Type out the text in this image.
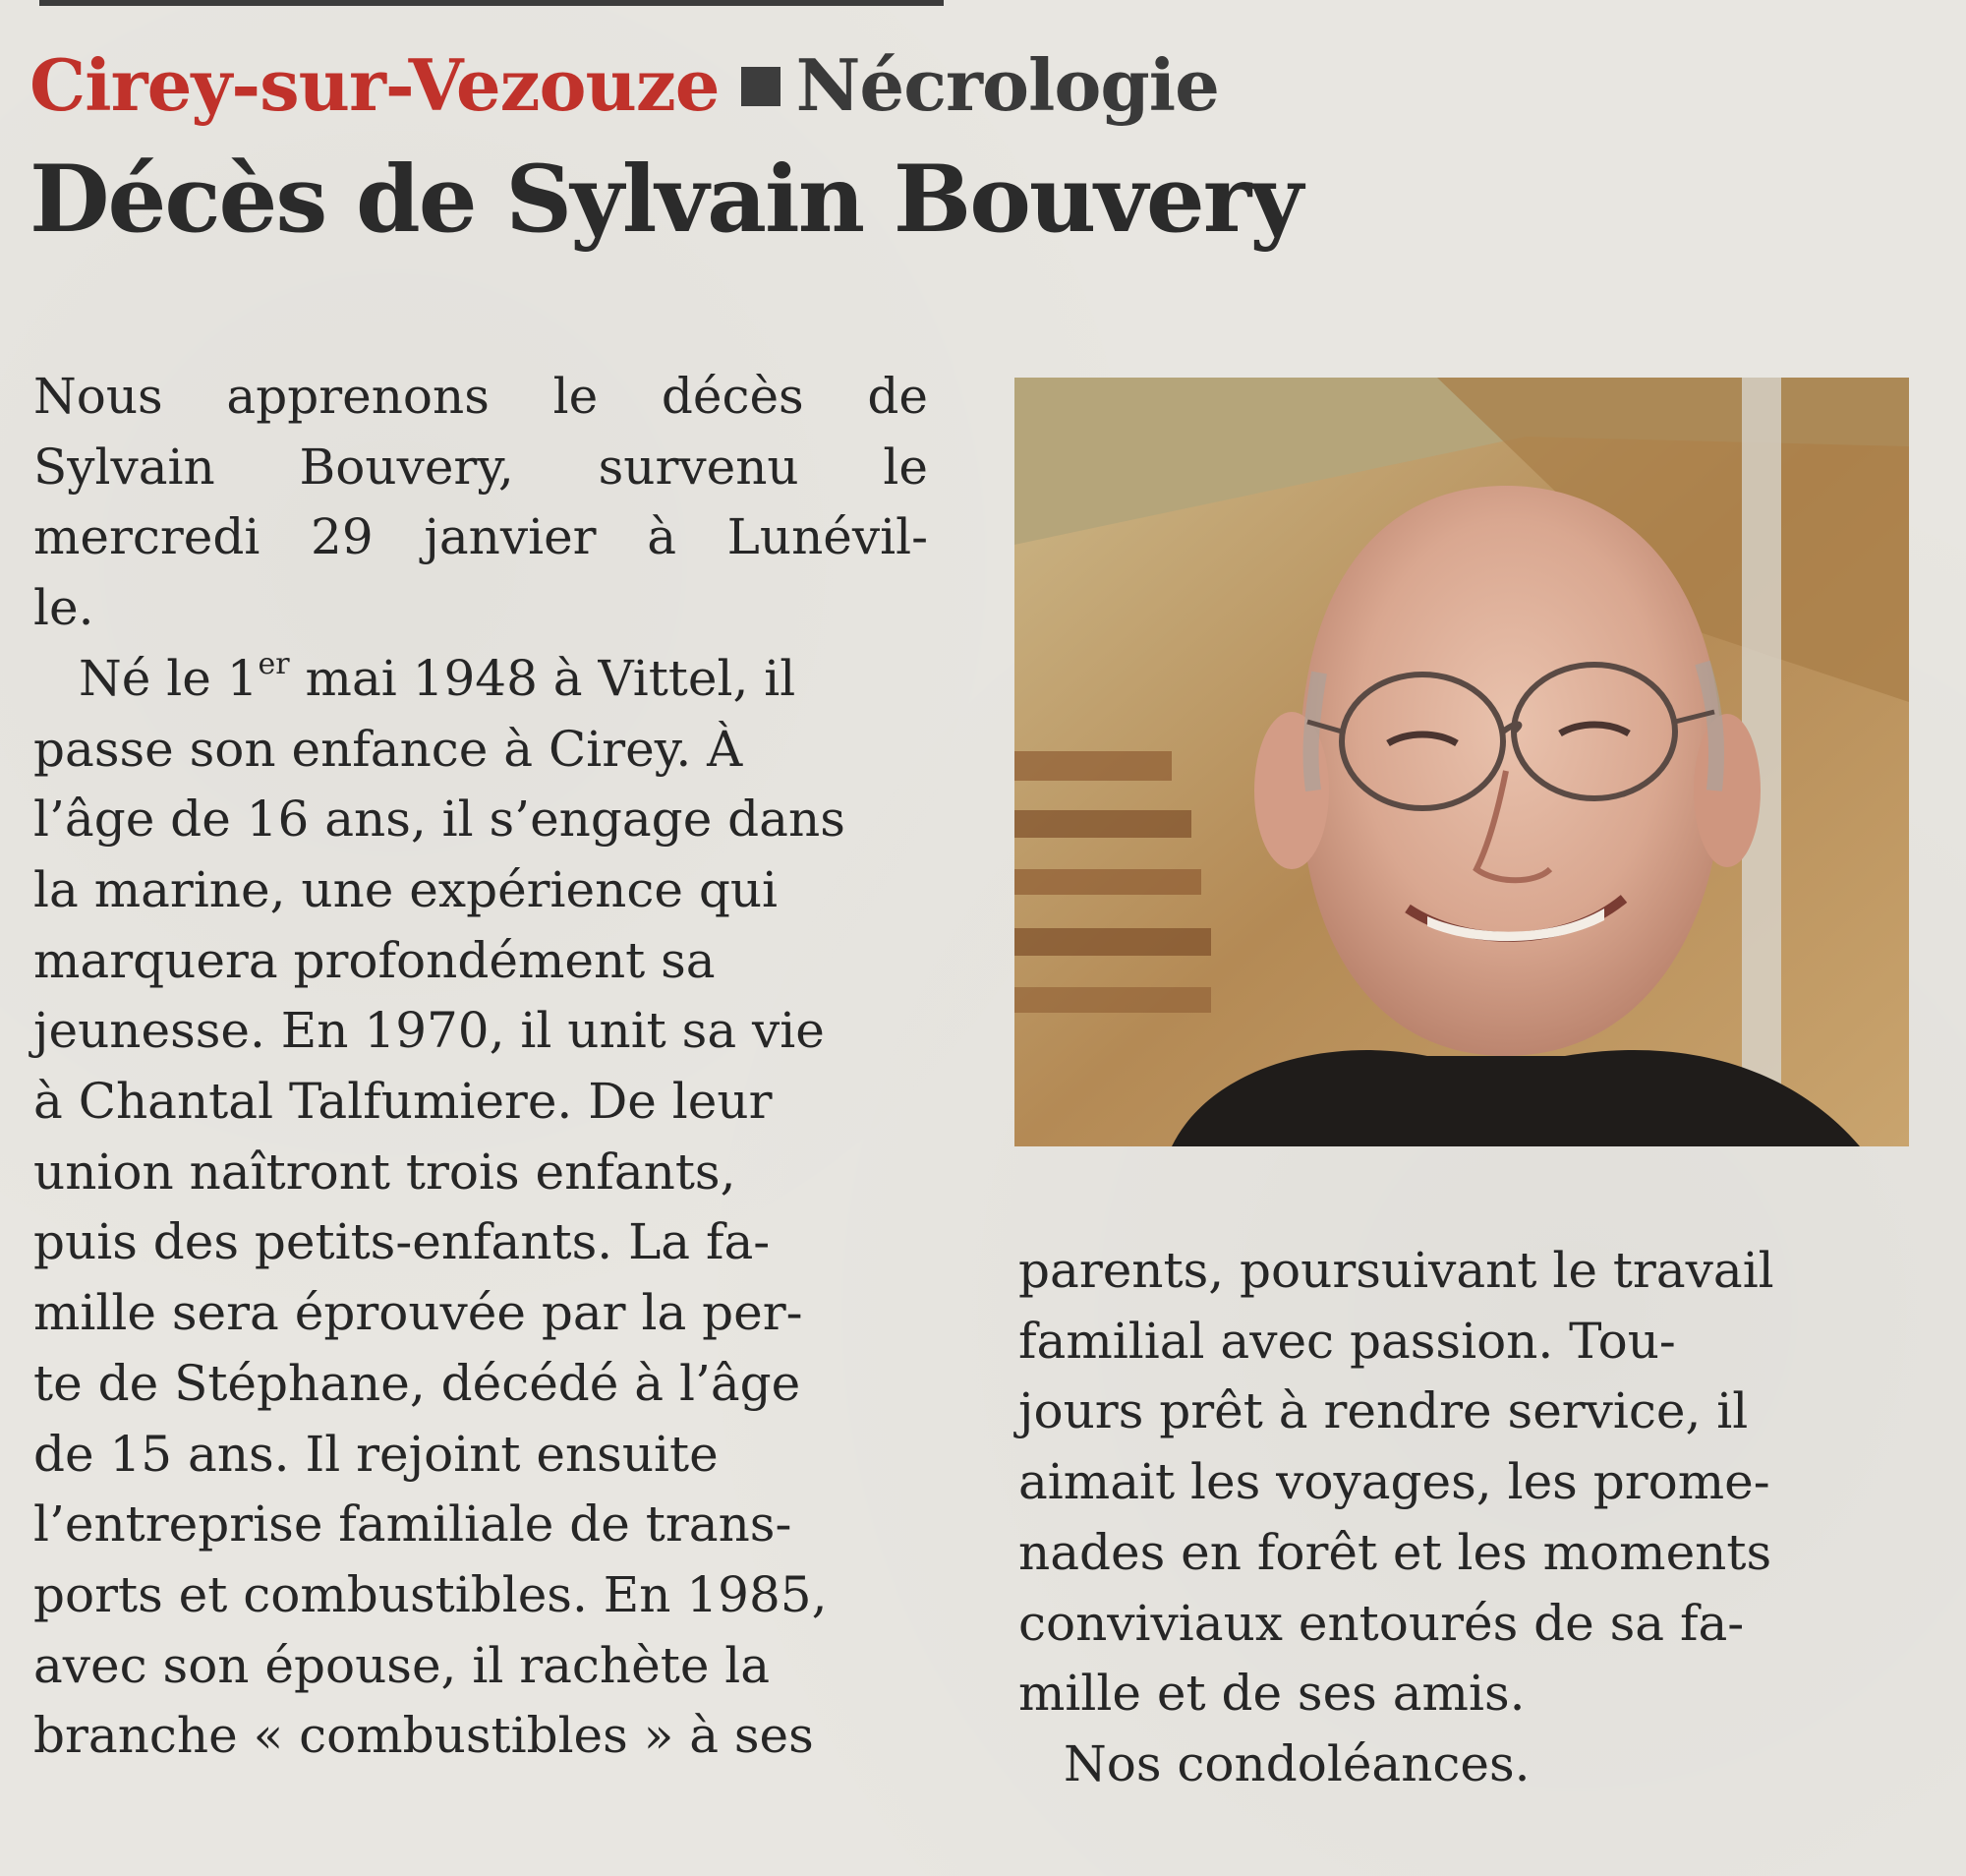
Cirey-sur-Vezouze Nécrologie
Décès de Sylvain Bouvery

Nous apprenons le décès de
Sylvain Bouvery, survenu le
mercredi 29 janvier à Lunévil-
le.

Né le 1er mai 1948 à Vittel, il
passe son enfance à Cirey. À
l’âge de 16 ans, il s’engage dans
la marine, une expérience qui
marquera profondément sa
jeunesse. En 1970, il unit sa vie
à Chantal Talfumiere. De leur
union naîtront trois enfants,
puis des petits-enfants. La fa-
mille sera éprouvée par la per-
te de Stéphane, décédé à l’âge
de 15 ans. Il rejoint ensuite
l’entreprise familiale de trans-
ports et combustibles. En 1985,
avec son épouse, il rachète la
branche « combustibles » à ses

parents, poursuivant le travail
familial avec passion. Tou-
jours prêt à rendre service, il
aimait les voyages, les prome-
nades en forêt et les moments
conviviaux entourés de sa fa-
mille et de ses amis.

Nos condoléances.
